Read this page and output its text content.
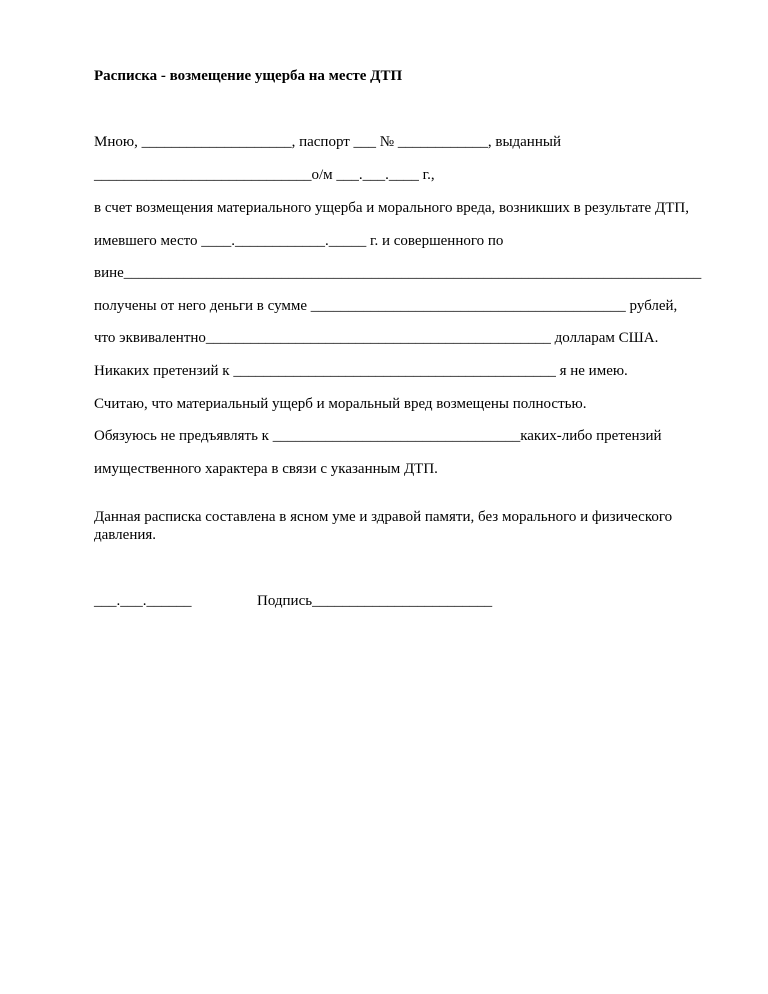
Расписка - возмещение ущерба на месте ДТП
Мною, ____________________, паспорт ___ № ____________, выданный
_____________________________о/м ___.___.____ г.,
в счет возмещения материального ущерба и морального вреда, возникших в результате ДТП,
имевшего место ____.____________._____ г. и совершенного по
вине_____________________________________________________________________________
получены от него деньги в сумме __________________________________________ рублей,
что эквивалентно______________________________________________ долларам США.
Никаких претензий к ___________________________________________ я не имею.
Считаю, что материальный ущерб и моральный вред возмещены полностью.
Обязуюсь не предъявлять к _________________________________каких-либо претензий
имущественного характера в связи с указанным ДТП.
Данная расписка составлена в ясном уме и здравой памяти, без морального и физического
давления.
___.___.______	Подпись________________________
